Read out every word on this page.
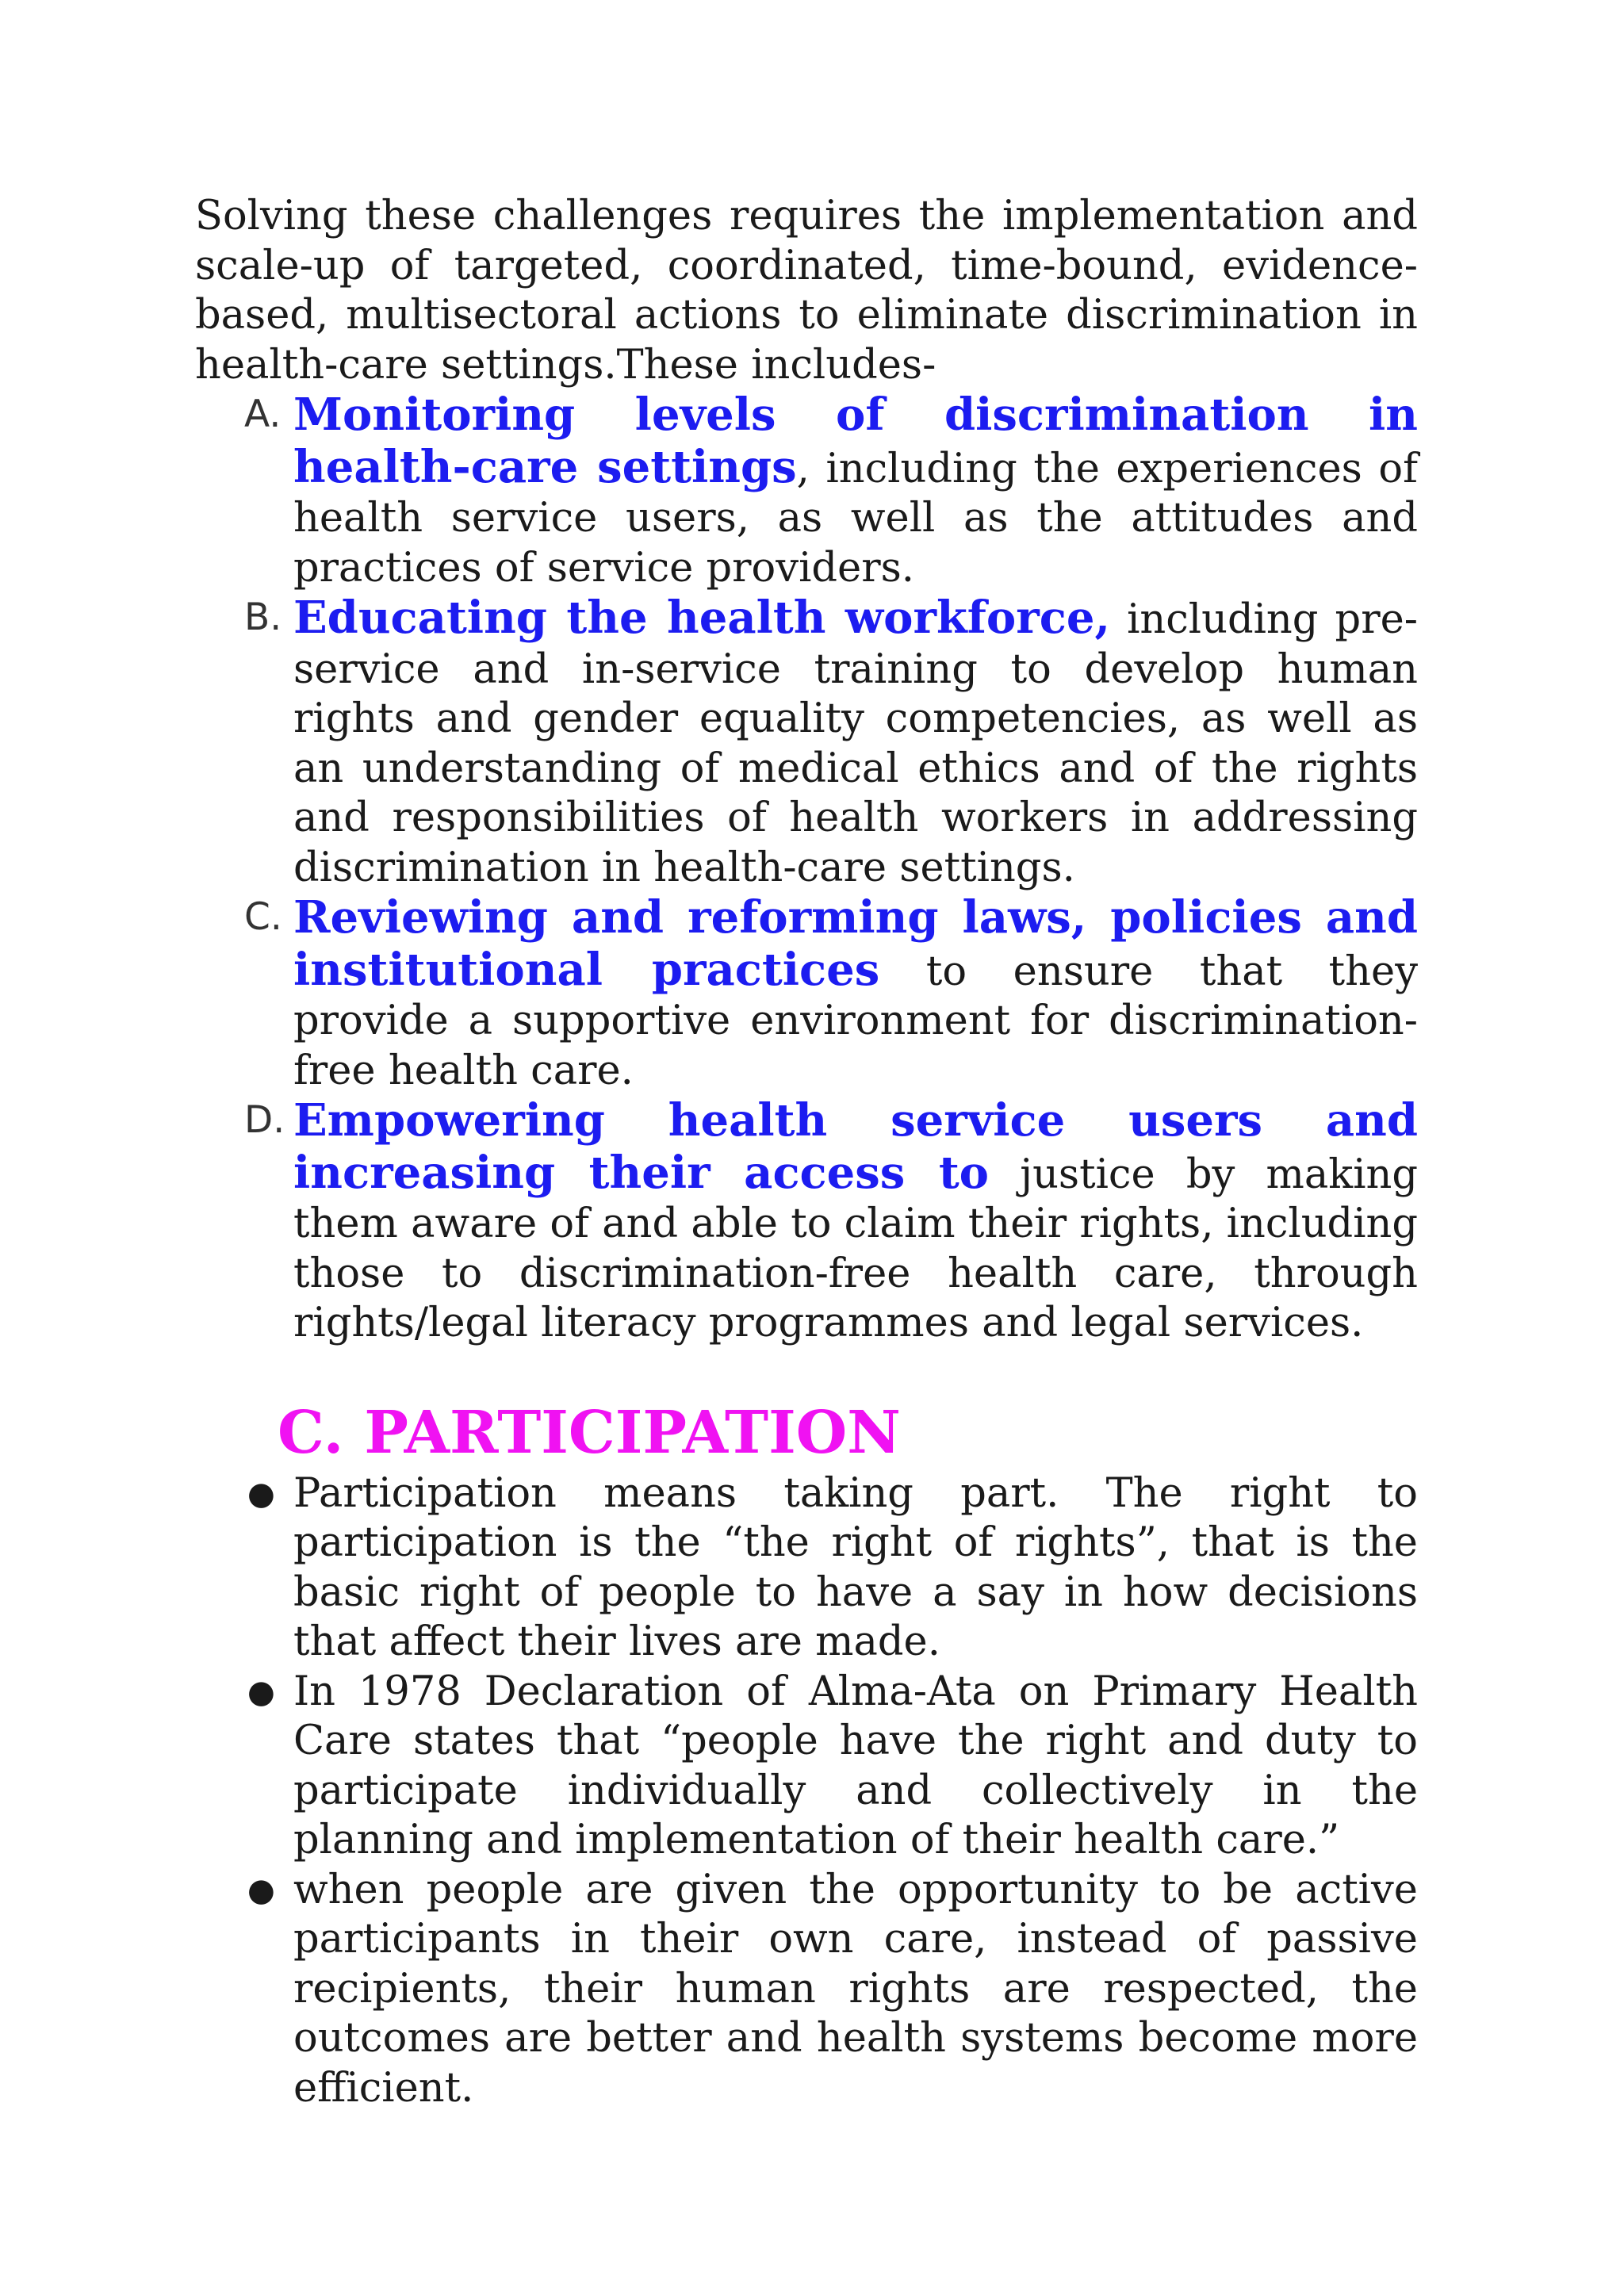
Solving these challenges requires the implementation and scale-up of targeted, coordinated, time-bound, evidence-based, multisectoral actions to eliminate discrimination in health-care settings.These includes-

A. Monitoring levels of discrimination in health-care settings, including the experiences of health service users, as well as the attitudes and practices of service providers.
B. Educating the health workforce, including pre-service and in-service training to develop human rights and gender equality competencies, as well as an understanding of medical ethics and of the rights and responsibilities of health workers in addressing discrimination in health-care settings.
C. Reviewing and reforming laws, policies and institutional practices to ensure that they provide a supportive environment for discrimination-free health care.
D. Empowering health service users and increasing their access to justice by making them aware of and able to claim their rights, including those to discrimination-free health care, through rights/legal literacy programmes and legal services.
C. PARTICIPATION
● Participation means taking part. The right to participation is the “the right of rights”, that is the basic right of people to have a say in how decisions that affect their lives are made.
● In 1978 Declaration of Alma-Ata on Primary Health Care states that “people have the right and duty to participate individually and collectively in the planning and implementation of their health care.”
● when people are given the opportunity to be active participants in their own care, instead of passive recipients, their human rights are respected, the outcomes are better and health systems become more efficient.
